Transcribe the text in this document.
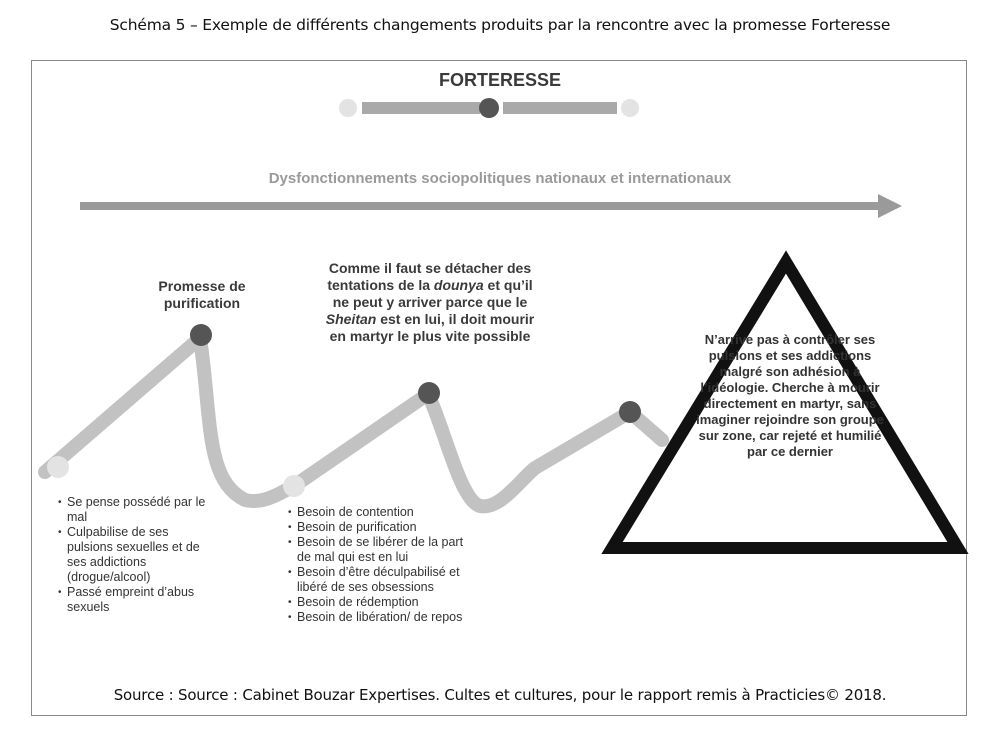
Schéma 5 – Exemple de différents changements produits par la rencontre avec la promesse Forteresse
FORTERESSE
Dysfonctionnements sociopolitiques nationaux et internationaux
Promesse de purification
Comme il faut se détacher des tentations de la dounya et qu’il ne peut y arriver parce que le Sheitan est en lui, il doit mourir en martyr le plus vite possible
• Se pense possédé par le mal
• Culpabilise de ses pulsions sexuelles et de ses addictions (drogue/alcool)
• Passé empreint d’abus sexuels
• Besoin de contention
• Besoin de purification
• Besoin de se libérer de la part de mal qui est en lui
• Besoin d’être déculpabilisé et libéré de ses obsessions
• Besoin de rédemption
• Besoin de libération/ de repos
N’arrive pas à contrôler ses pulsions et ses addictions malgré son adhésion à l’idéologie. Cherche à mourir directement en martyr, sans imaginer rejoindre son groupe sur zone, car rejeté et humilié par ce dernier
Source : Source : Cabinet Bouzar Expertises. Cultes et cultures, pour le rapport remis à Practicies© 2018.
